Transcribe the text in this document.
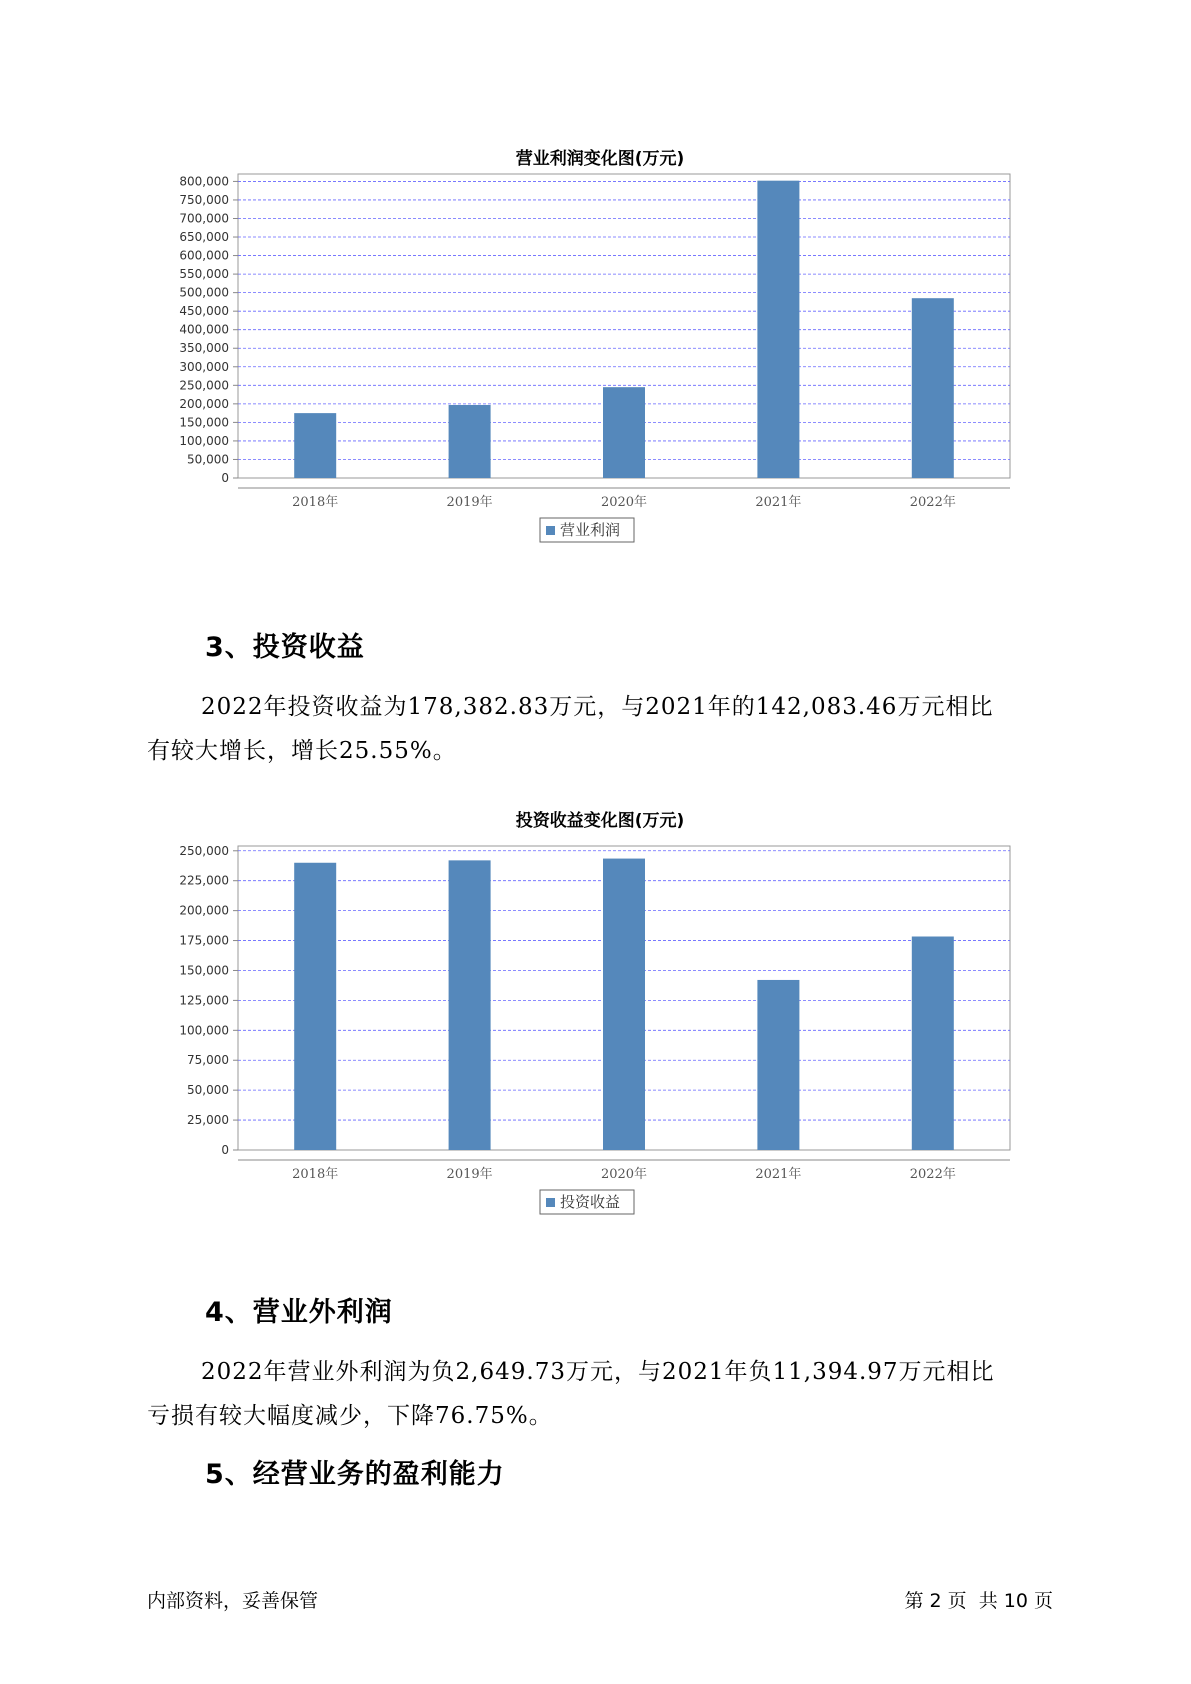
营业利润变化图(万元)
0
50,000
100,000
150,000
200,000
250,000
300,000
350,000
400,000
450,000
500,000
550,000
600,000
650,000
700,000
750,000
800,000
2018年	2019年	2020年	2021年	2022年
营业利润
3、投资收益
2022年投资收益为178,382.83万元，与2021年的142,083.46万元相比
有较大增长，增长25.55%。
投资收益变化图(万元)
0
25,000
50,000
75,000
100,000
125,000
150,000
175,000
200,000
225,000
250,000
2018年	2019年	2020年	2021年	2022年
投资收益
4、营业外利润
2022年营业外利润为负2,649.73万元，与2021年负11,394.97万元相比
亏损有较大幅度减少，下降76.75%。
5、经营业务的盈利能力
内部资料，妥善保管	第 2 页  共 10 页
